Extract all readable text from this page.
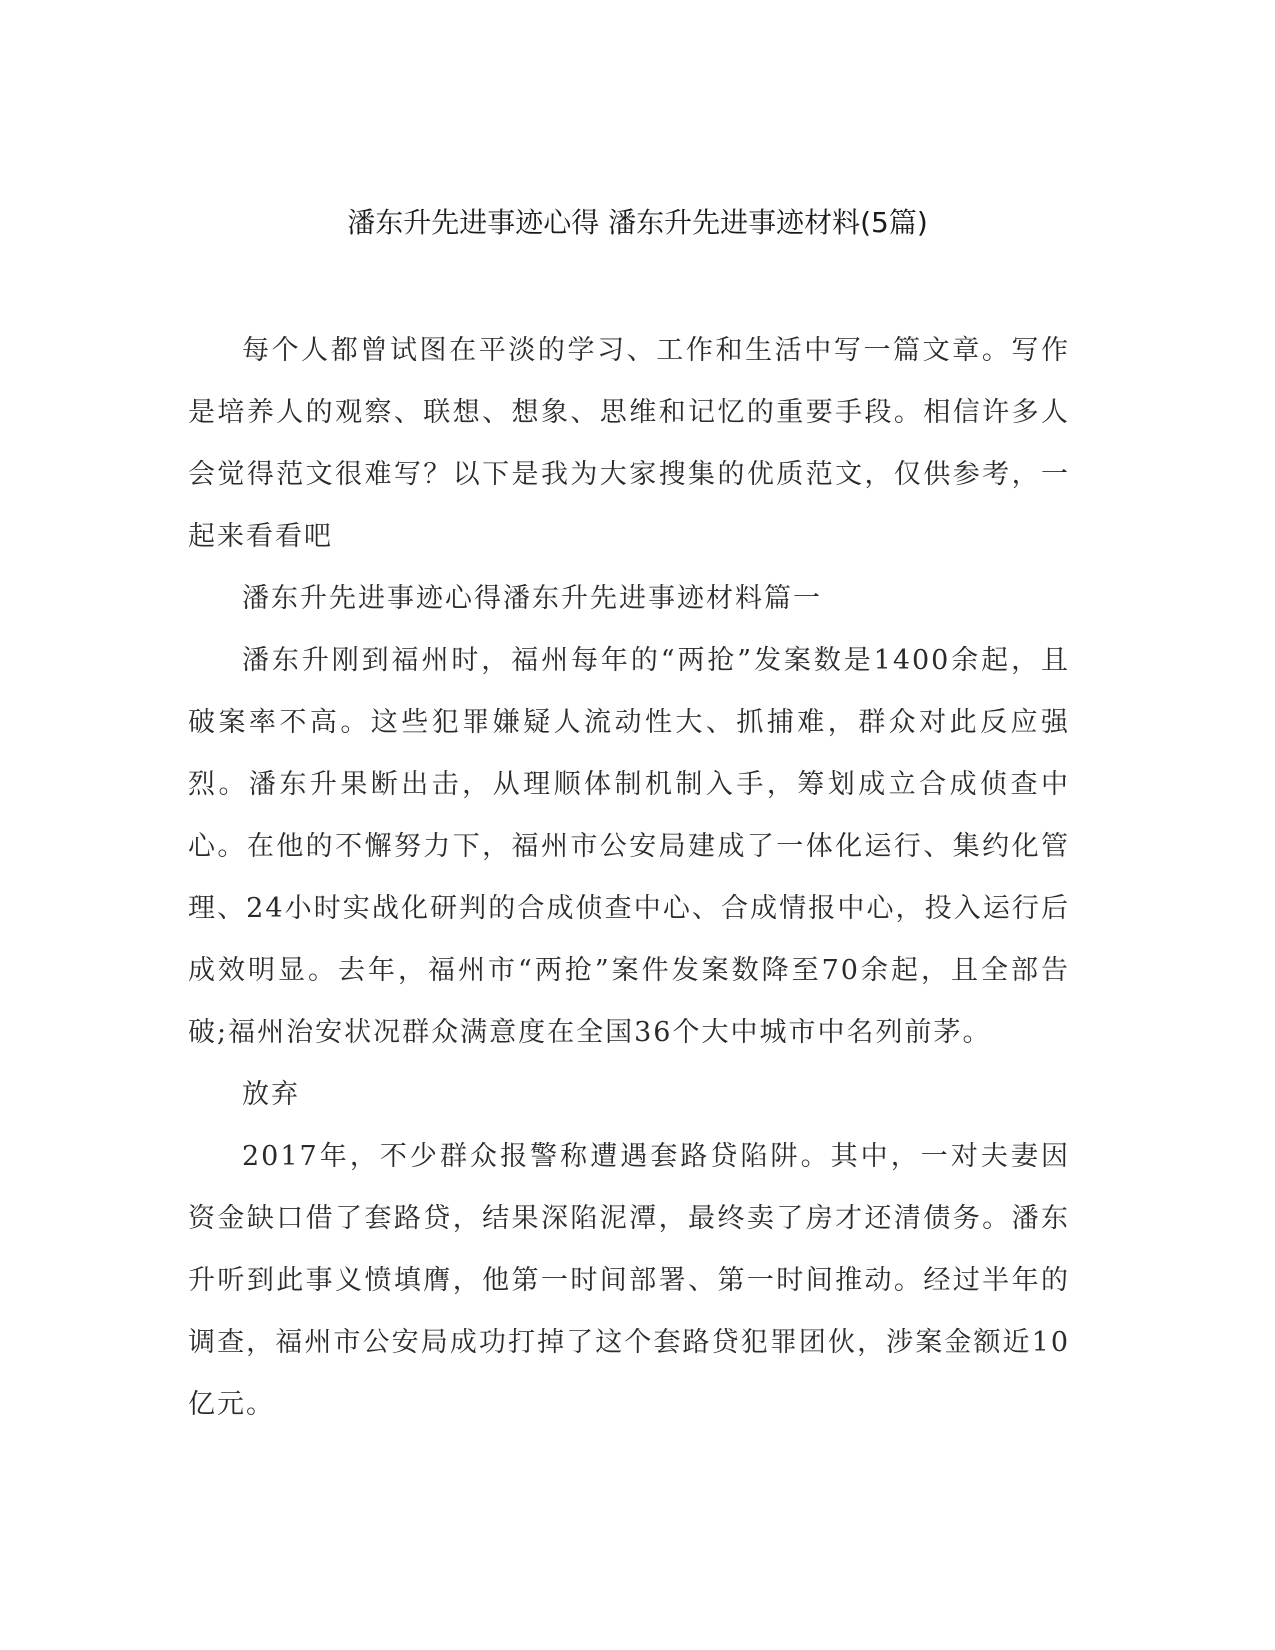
潘东升先进事迹心得 潘东升先进事迹材料(5篇)

每个人都曾试图在平淡的学习、工作和生活中写一篇文章。写作是培养人的观察、联想、想象、思维和记忆的重要手段。相信许多人会觉得范文很难写？以下是我为大家搜集的优质范文，仅供参考，一起来看看吧

潘东升先进事迹心得潘东升先进事迹材料篇一

潘东升刚到福州时，福州每年的“两抢”发案数是1400余起，且破案率不高。这些犯罪嫌疑人流动性大、抓捕难，群众对此反应强烈。潘东升果断出击，从理顺体制机制入手，筹划成立合成侦查中心。在他的不懈努力下，福州市公安局建成了一体化运行、集约化管理、24小时实战化研判的合成侦查中心、合成情报中心，投入运行后成效明显。去年，福州市“两抢”案件发案数降至70余起，且全部告破;福州治安状况群众满意度在全国36个大中城市中名列前茅。

放弃

2017年，不少群众报警称遭遇套路贷陷阱。其中，一对夫妻因资金缺口借了套路贷，结果深陷泥潭，最终卖了房才还清债务。潘东升听到此事义愤填膺，他第一时间部署、第一时间推动。经过半年的调查，福州市公安局成功打掉了这个套路贷犯罪团伙，涉案金额近10亿元。
